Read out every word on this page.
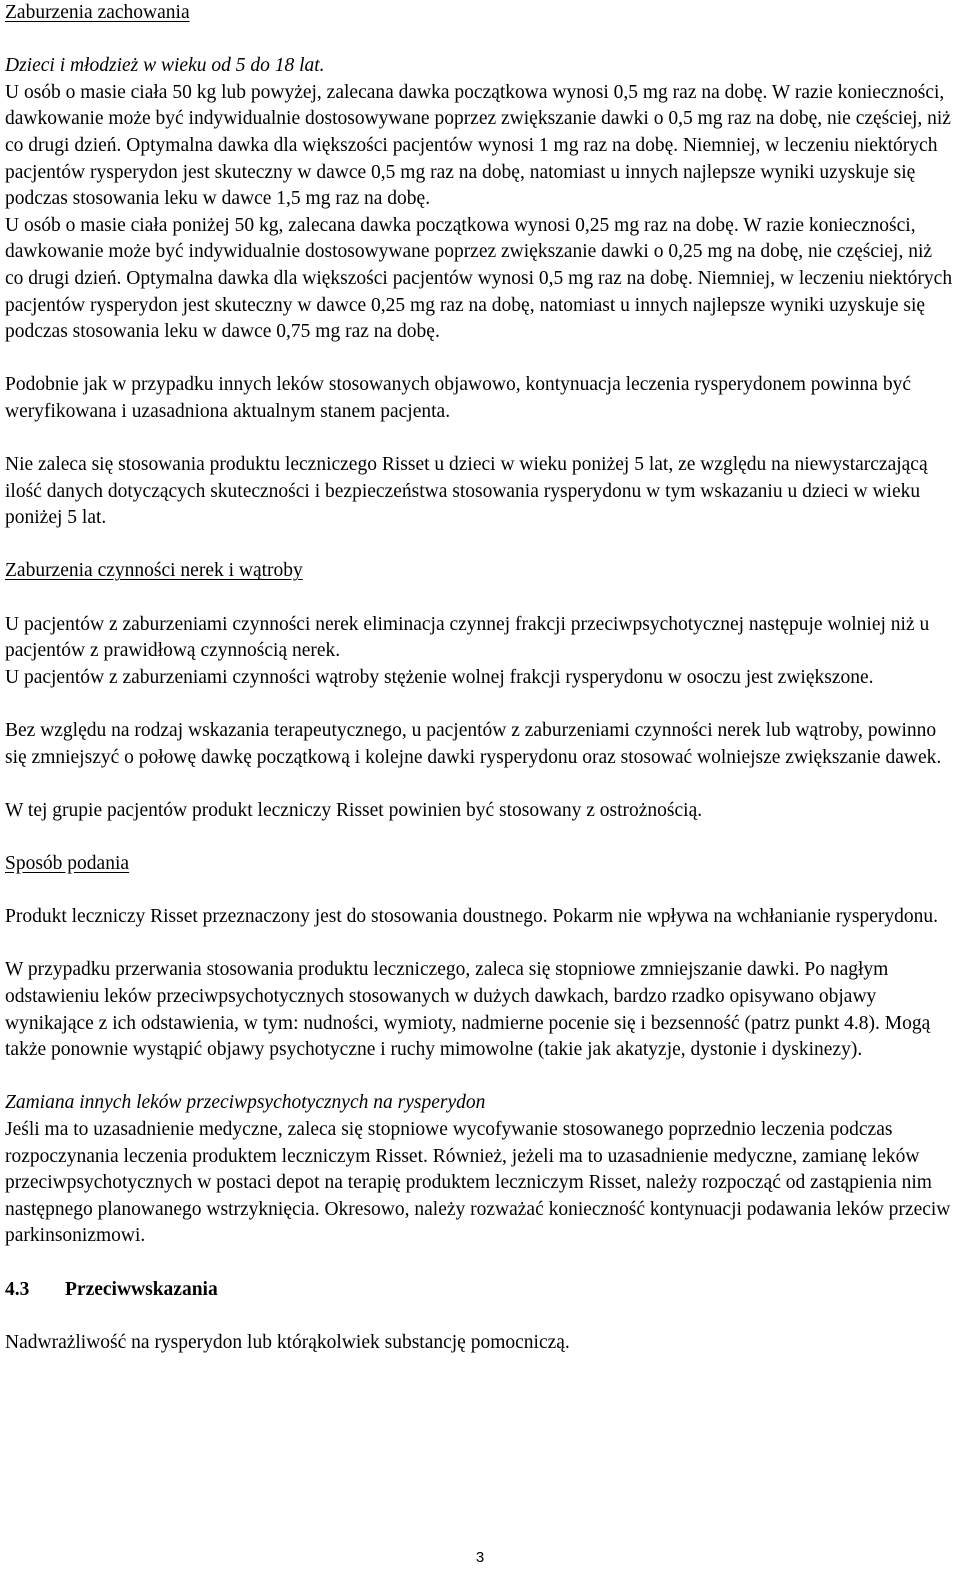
Zaburzenia zachowania

Dzieci i młodzież w wieku od 5 do 18 lat.

U osób o masie ciała 50 kg lub powyżej, zalecana dawka początkowa wynosi 0,5 mg raz na dobę. W razie konieczności, dawkowanie może być indywidualnie dostosowywane poprzez zwiększanie dawki o 0,5 mg raz na dobę, nie częściej, niż co drugi dzień. Optymalna dawka dla większości pacjentów wynosi 1 mg raz na dobę. Niemniej, w leczeniu niektórych pacjentów rysperydon jest skuteczny w dawce 0,5 mg raz na dobę, natomiast u innych najlepsze wyniki uzyskuje się podczas stosowania leku w dawce 1,5 mg raz na dobę.

U osób o masie ciała poniżej 50 kg, zalecana dawka początkowa wynosi 0,25 mg raz na dobę. W razie konieczności, dawkowanie może być indywidualnie dostosowywane poprzez zwiększanie dawki o 0,25 mg na dobę, nie częściej, niż co drugi dzień. Optymalna dawka dla większości pacjentów wynosi 0,5 mg raz na dobę. Niemniej, w leczeniu niektórych pacjentów rysperydon jest skuteczny w dawce 0,25 mg raz na dobę, natomiast u innych najlepsze wyniki uzyskuje się podczas stosowania leku w dawce 0,75 mg raz na dobę.

Podobnie jak w przypadku innych leków stosowanych objawowo, kontynuacja leczenia rysperydonem powinna być weryfikowana i uzasadniona aktualnym stanem pacjenta.

Nie zaleca się stosowania produktu leczniczego Risset u dzieci w wieku poniżej 5 lat, ze względu na niewystarczającą ilość danych dotyczących skuteczności i bezpieczeństwa stosowania rysperydonu w tym wskazaniu u dzieci w wieku poniżej 5 lat.

Zaburzenia czynności nerek i wątroby

U pacjentów z zaburzeniami czynności nerek eliminacja czynnej frakcji przeciwpsychotycznej następuje wolniej niż u pacjentów z prawidłową czynnością nerek.

U pacjentów z zaburzeniami czynności wątroby stężenie wolnej frakcji rysperydonu w osoczu jest zwiększone.

Bez względu na rodzaj wskazania terapeutycznego, u pacjentów z zaburzeniami czynności nerek lub wątroby, powinno się zmniejszyć o połowę dawkę początkową i kolejne dawki rysperydonu oraz stosować wolniejsze zwiększanie dawek.

W tej grupie pacjentów produkt leczniczy Risset powinien być stosowany z ostrożnością.

Sposób podania

Produkt leczniczy Risset przeznaczony jest do stosowania doustnego. Pokarm nie wpływa na wchłanianie rysperydonu.

W przypadku przerwania stosowania produktu leczniczego, zaleca się stopniowe zmniejszanie dawki. Po nagłym odstawieniu leków przeciwpsychotycznych stosowanych w dużych dawkach, bardzo rzadko opisywano objawy wynikające z ich odstawienia, w tym: nudności, wymioty, nadmierne pocenie się i bezsenność (patrz punkt 4.8). Mogą także ponownie wystąpić objawy psychotyczne i ruchy mimowolne (takie jak akatyzje, dystonie i dyskinezy).

Zamiana innych leków przeciwpsychotycznych na rysperydon

Jeśli ma to uzasadnienie medyczne, zaleca się stopniowe wycofywanie stosowanego poprzednio leczenia podczas rozpoczynania leczenia produktem leczniczym Risset. Również, jeżeli ma to uzasadnienie medyczne, zamianę leków przeciwpsychotycznych w postaci depot na terapię produktem leczniczym Risset, należy rozpocząć od zastąpienia nim następnego planowanego wstrzyknięcia. Okresowo, należy rozważać konieczność kontynuacji podawania leków przeciw parkinsonizmowi.

4.3 Przeciwwskazania

Nadwrażliwość na rysperydon lub którąkolwiek substancję pomocniczą.

3
